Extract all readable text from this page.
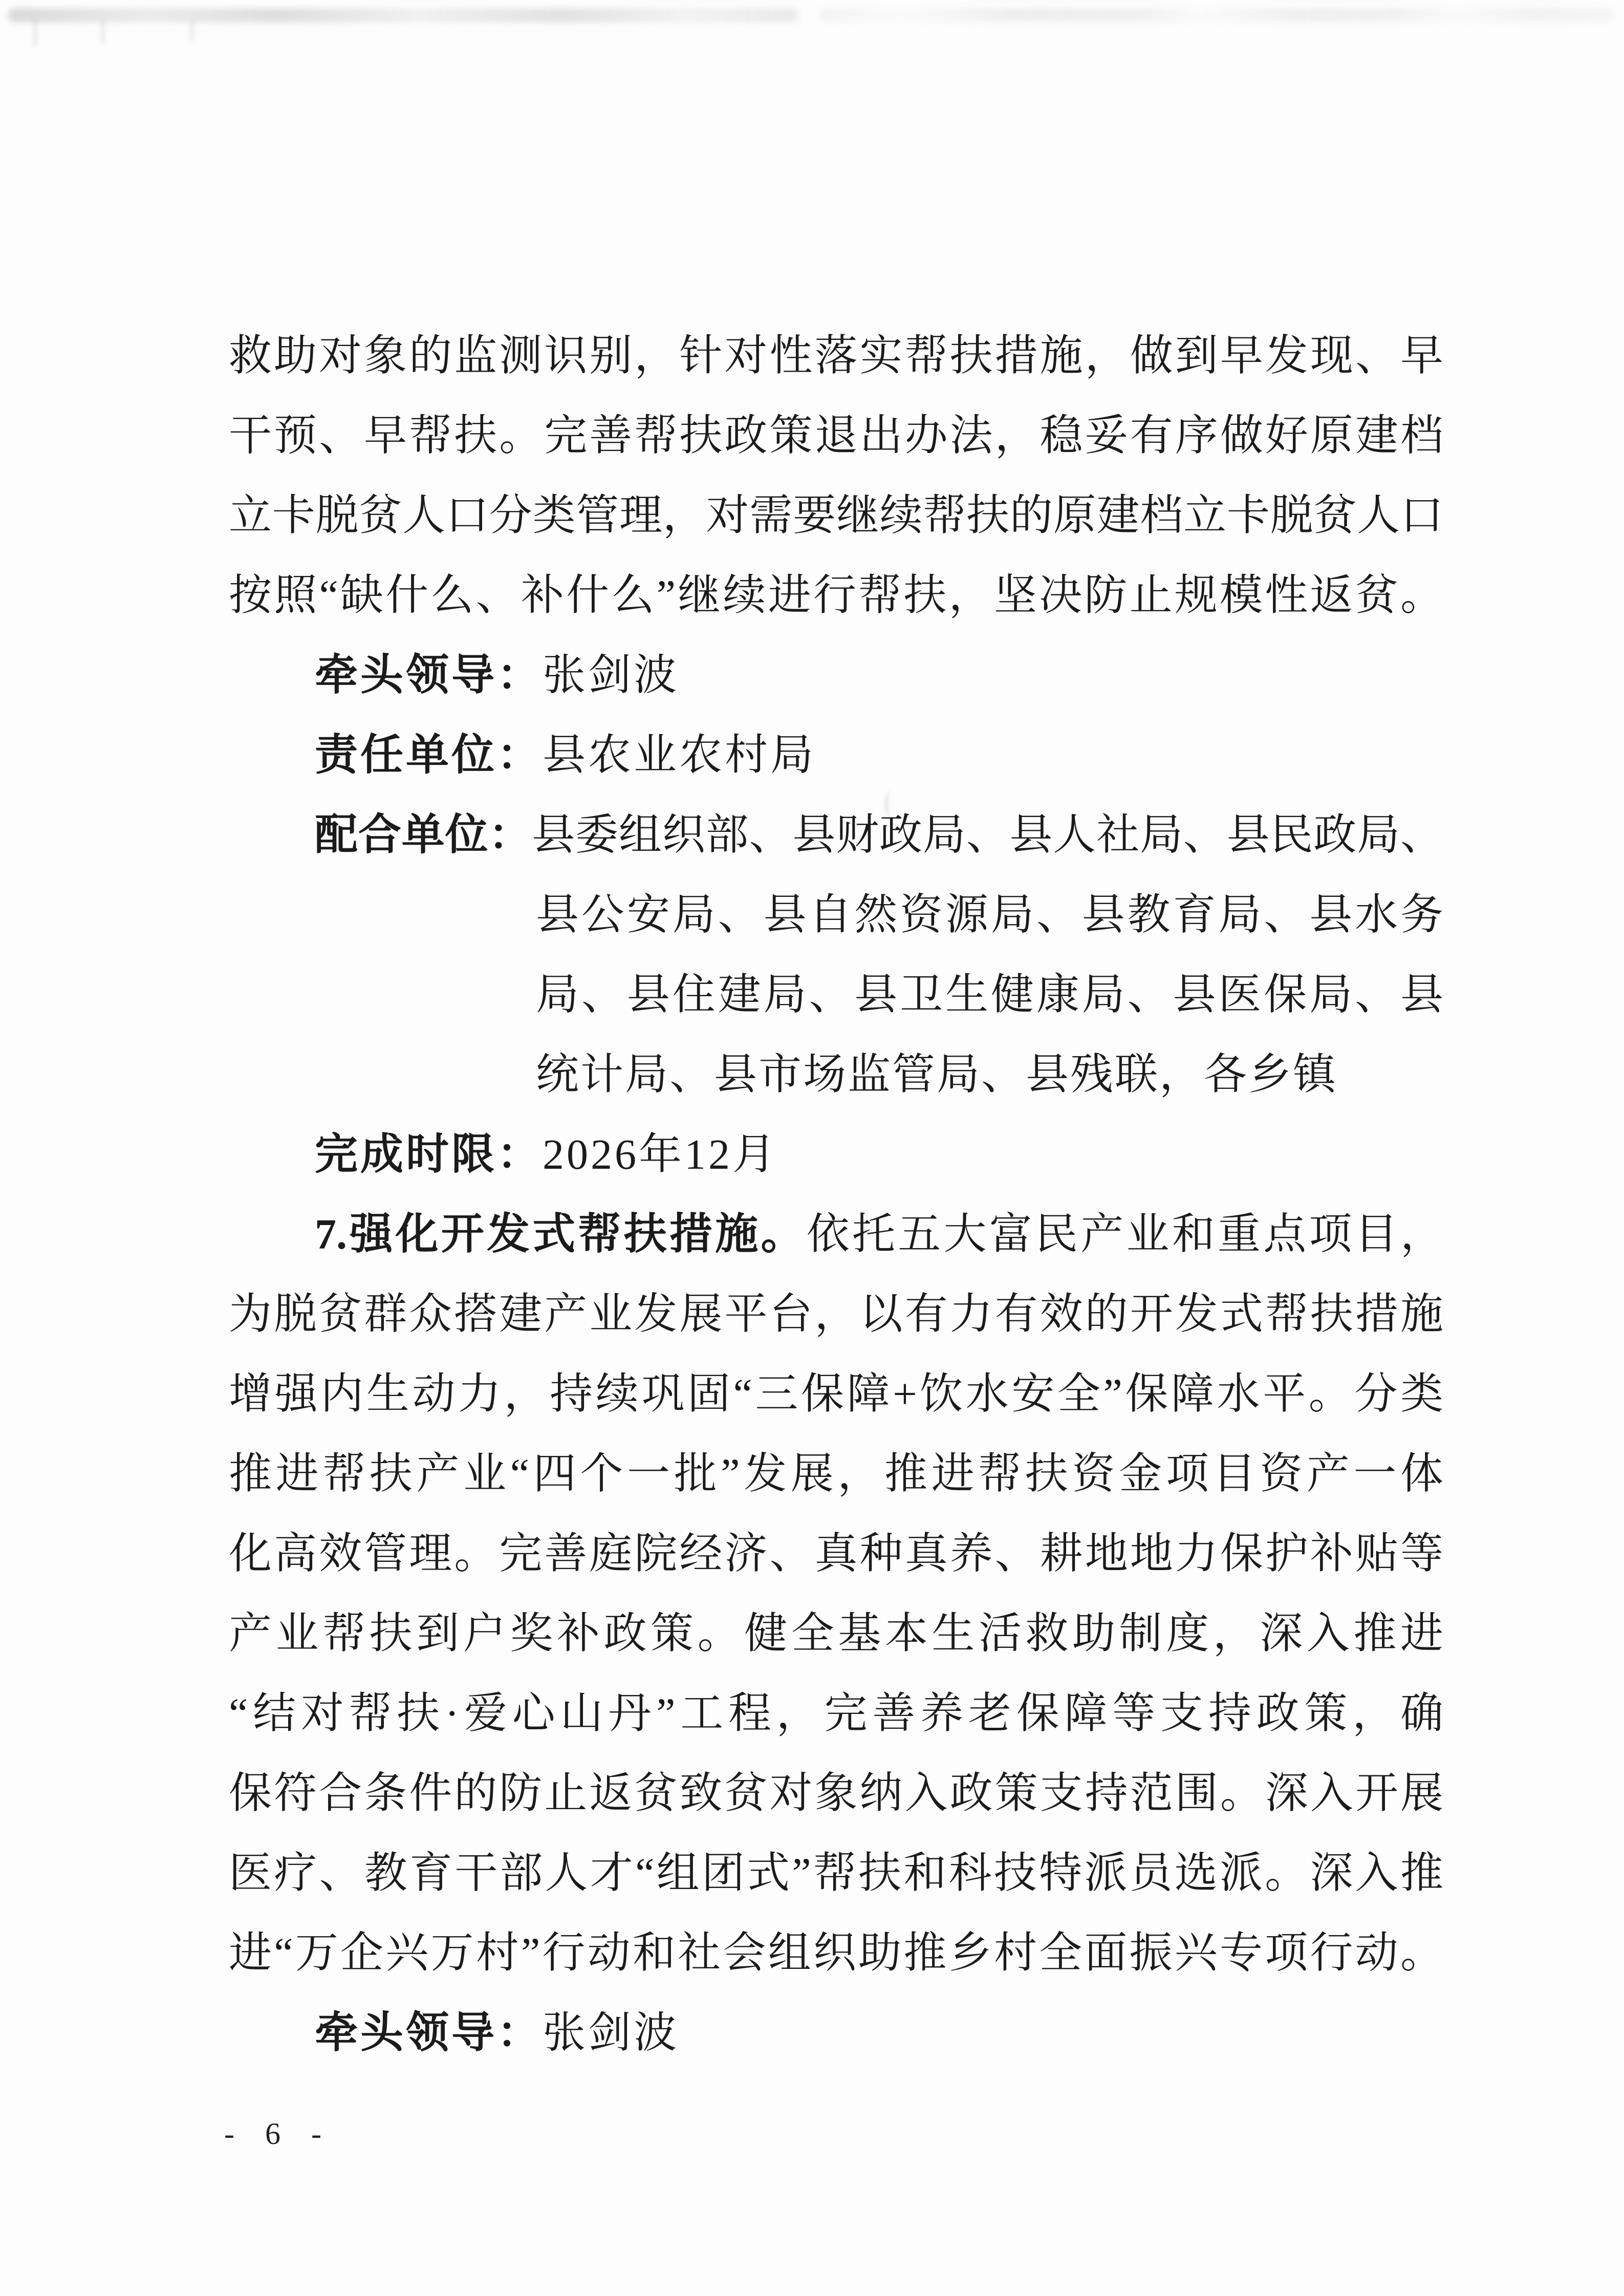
救助对象的监测识别，针对性落实帮扶措施，做到早发现、早
干预、早帮扶。完善帮扶政策退出办法，稳妥有序做好原建档
立卡脱贫人口分类管理，对需要继续帮扶的原建档立卡脱贫人口
按照“缺什么、补什么”继续进行帮扶，坚决防止规模性返贫。
牵头领导：张剑波
责任单位：县农业农村局
配合单位：县委组织部、县财政局、县人社局、县民政局、
县公安局、县自然资源局、县教育局、县水务
局、县住建局、县卫生健康局、县医保局、县
统计局、县市场监管局、县残联，各乡镇
完成时限：2026年12月
7.强化开发式帮扶措施。依托五大富民产业和重点项目，
为脱贫群众搭建产业发展平台，以有力有效的开发式帮扶措施
增强内生动力，持续巩固“三保障+饮水安全”保障水平。分类
推进帮扶产业“四个一批”发展，推进帮扶资金项目资产一体
化高效管理。完善庭院经济、真种真养、耕地地力保护补贴等
产业帮扶到户奖补政策。健全基本生活救助制度，深入推进
“结对帮扶·爱心山丹”工程，完善养老保障等支持政策，确
保符合条件的防止返贫致贫对象纳入政策支持范围。深入开展
医疗、教育干部人才“组团式”帮扶和科技特派员选派。深入推
进“万企兴万村”行动和社会组织助推乡村全面振兴专项行动。
牵头领导：张剑波
- 6 -
